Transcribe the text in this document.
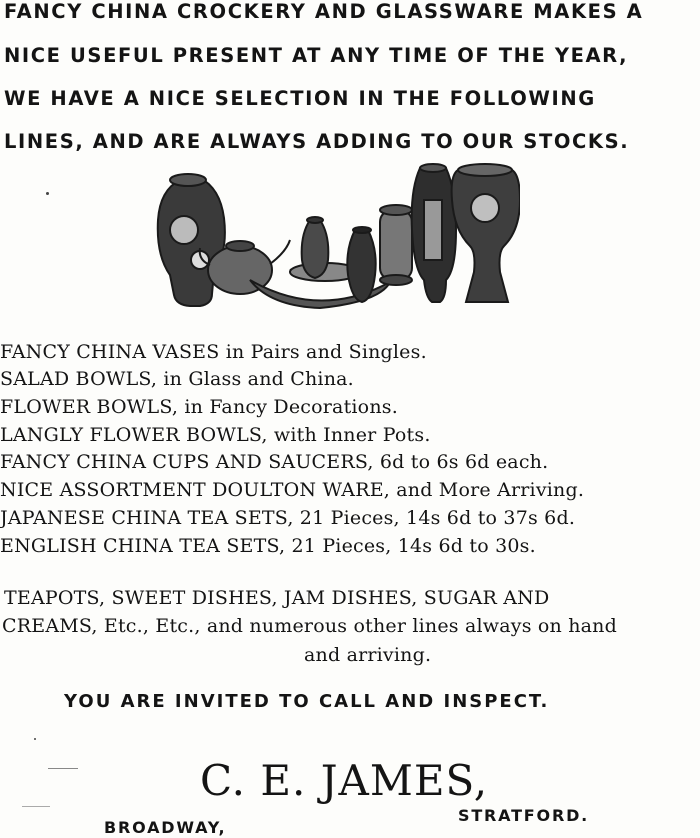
FANCY CHINA CROCKERY AND GLASSWARE MAKES A
NICE USEFUL PRESENT AT ANY TIME OF THE YEAR,
WE HAVE A NICE SELECTION IN THE FOLLOWING
LINES, AND ARE ALWAYS ADDING TO OUR STOCKS.
FANCY CHINA VASES in Pairs and Singles.
SALAD BOWLS, in Glass and China.
FLOWER BOWLS, in Fancy Decorations.
LANGLY FLOWER BOWLS, with Inner Pots.
FANCY CHINA CUPS AND SAUCERS, 6d to 6s 6d each.
NICE ASSORTMENT DOULTON WARE, and More Arriving.
JAPANESE CHINA TEA SETS, 21 Pieces, 14s 6d to 37s 6d.
ENGLISH CHINA TEA SETS, 21 Pieces, 14s 6d to 30s.
TEAPOTS, SWEET DISHES, JAM DISHES, SUGAR AND
CREAMS, Etc., Etc., and numerous other lines always on hand
and arriving.
YOU ARE INVITED TO CALL AND INSPECT.
C. E. JAMES,
BROADWAY,
STRATFORD.
